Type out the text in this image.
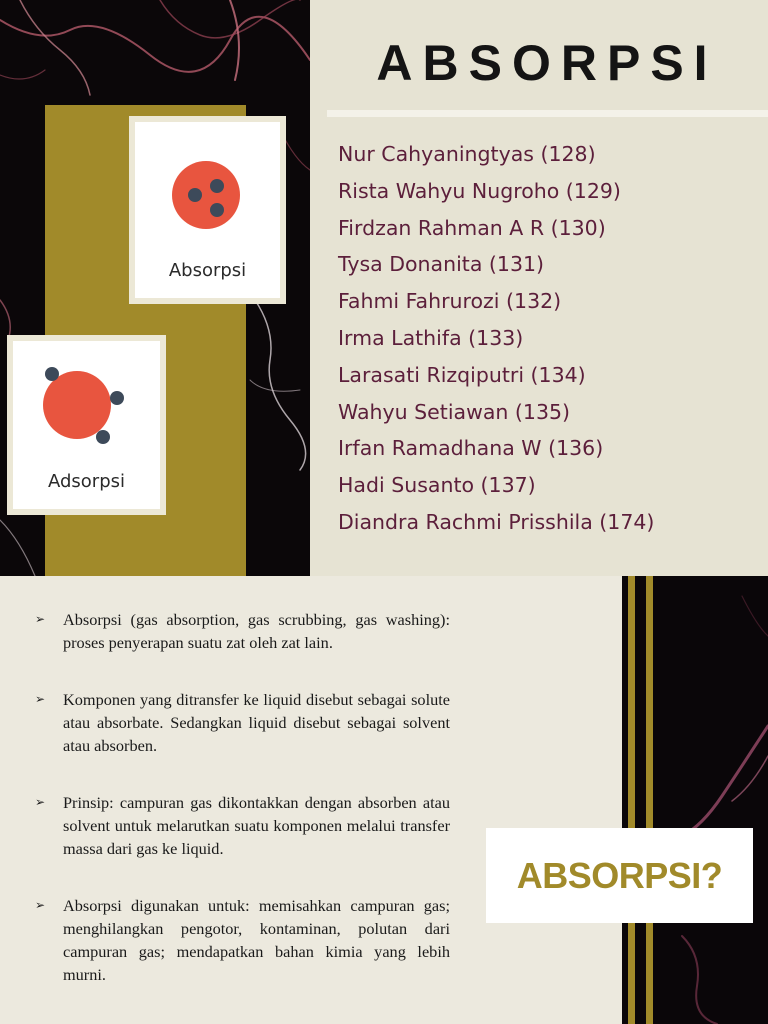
Absorpsi
Adsorpsi
ABSORPSI
Nur Cahyaningtyas (128)
Rista Wahyu Nugroho (129)
Firdzan Rahman A R (130)
Tysa Donanita (131)
Fahmi Fahrurozi (132)
Irma Lathifa (133)
Larasati Rizqiputri (134)
Wahyu Setiawan (135)
Irfan Ramadhana W (136)
Hadi Susanto (137)
Diandra Rachmi Prisshila (174)
➢ Absorpsi (gas absorption, gas scrubbing, gas washing): proses penyerapan suatu zat oleh zat lain.
➢ Komponen yang ditransfer ke liquid disebut sebagai solute atau absorbate. Sedangkan liquid disebut sebagai solvent atau absorben.
➢ Prinsip: campuran gas dikontakkan dengan absorben atau solvent untuk melarutkan suatu komponen melalui transfer massa dari gas ke liquid.
➢ Absorpsi digunakan untuk: memisahkan campuran gas; menghilangkan pengotor, kontaminan, polutan dari campuran gas; mendapatkan bahan kimia yang lebih murni.
ABSORPSI?
